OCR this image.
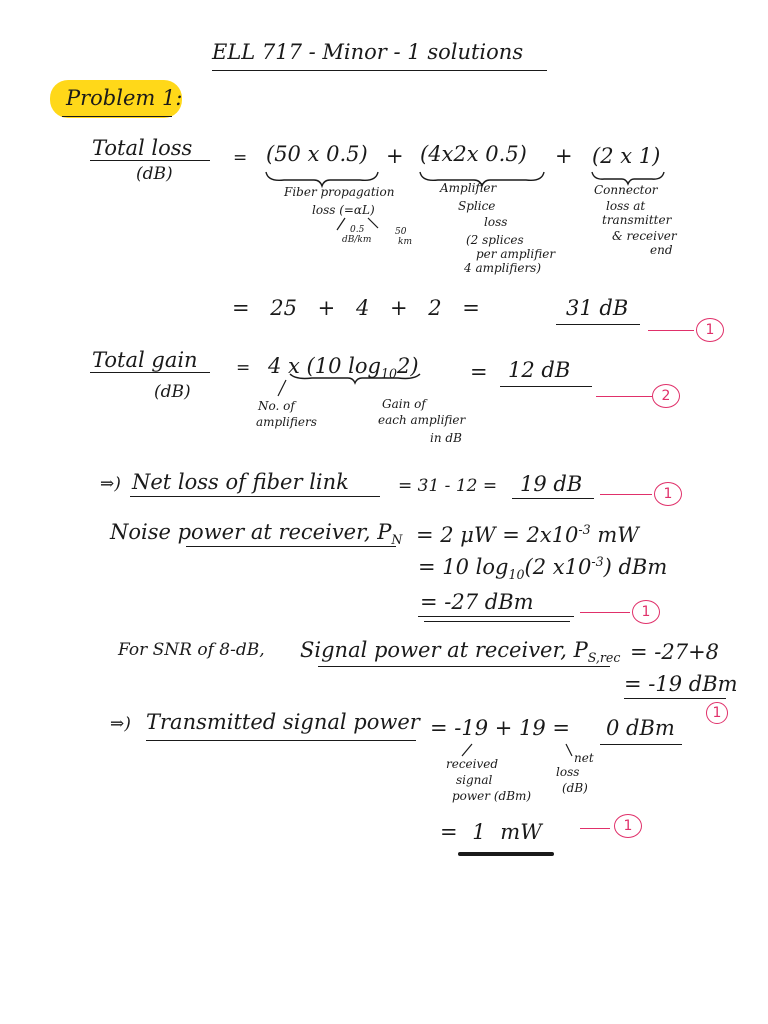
ELL 717 - Minor - 1 solutions
Problem 1:
Total loss
(dB)
= (50 x 0.5) + (4x2x 0.5) + (2 x 1)
Fiber propagation
loss (=αL)
0.5
dB/km
50
km
Amplifier
Splice
loss
(2 splices
per amplifier
4 amplifiers)
Connector
loss at
transmitter
& receiver
end
= 25 + 4 + 2 =	31 dB
1
Total gain
(dB)
= 4 x (10 $\log_{10}2) = 12$ dB
2
No. of
amplifiers
Gain of
each amplifier
in dB
⇒) Net loss of fiber link	= 31 - 12 = 19 dB	1
Noise power at receiver, $P_N = 2$ $\mu W = 2x10^{-3}$ mW
= 10 $\log_{10}(2$ $x10^{-3}$) dBm
= -27 dBm	1
For SNR of 8-dB, Signal power at receiver, $P_{S,rec} = -27+8$
= -19 dBm
1
⇒) Transmitted signal power = -19 + 19 = 0 dBm
received
signal
power (dBm)
net
loss
(dB)
= 1 mW	1
